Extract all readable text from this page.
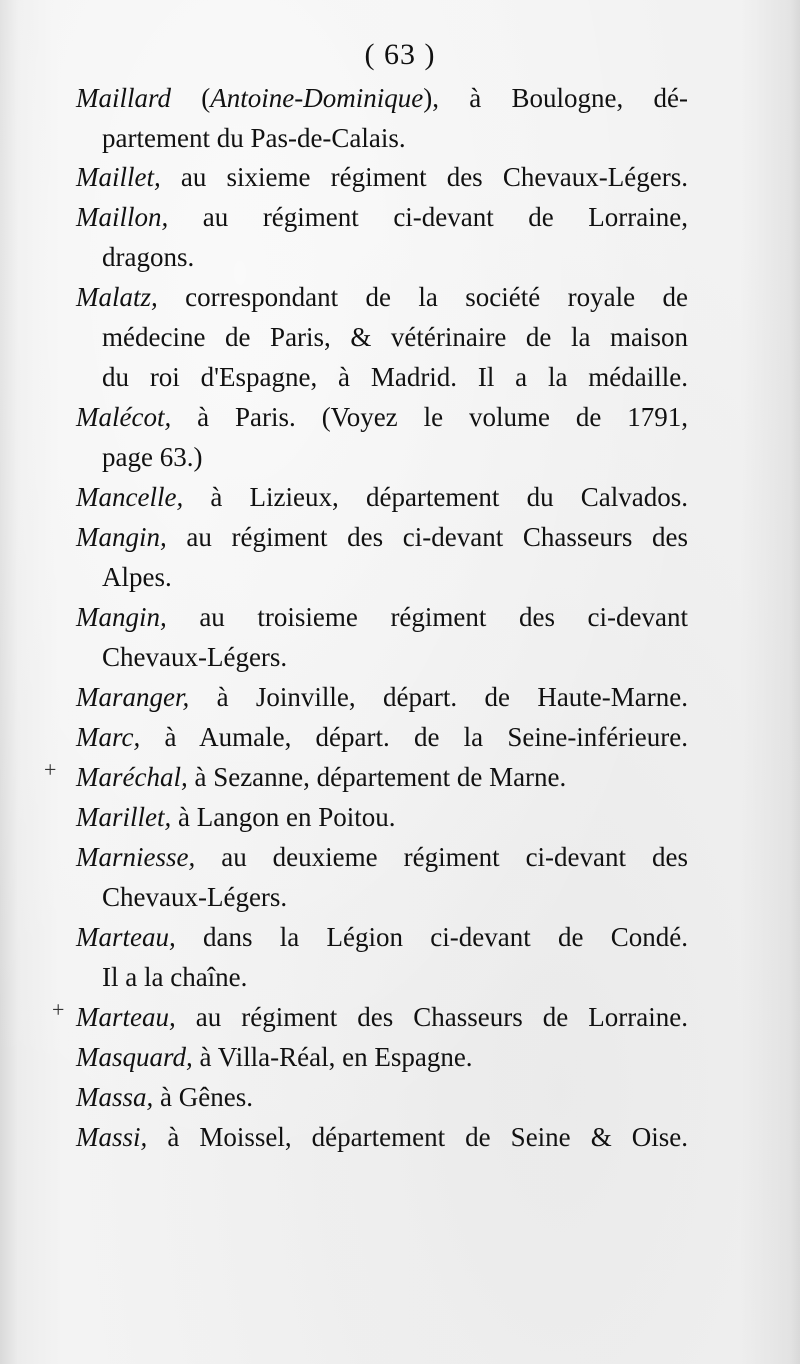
( 63 )
Maillard (Antoine-Dominique), à Boulogne, dé-
partement du Pas-de-Calais.
Maillet, au sixieme régiment des Chevaux-Légers.
Maillon, au régiment ci-devant de Lorraine,
dragons.
Malatz, correspondant de la société royale de
médecine de Paris, & vétérinaire de la maison
du roi d'Espagne, à Madrid. Il a la médaille.
Malécot, à Paris. (Voyez le volume de 1791,
page 63.)
Mancelle, à Lizieux, département du Calvados.
Mangin, au régiment des ci-devant Chasseurs des
Alpes.
Mangin, au troisieme régiment des ci-devant
Chevaux-Légers.
Maranger, à Joinville, départ. de Haute-Marne.
Marc, à Aumale, départ. de la Seine-inférieure.
Maréchal, à Sezanne, département de Marne.
Marillet, à Langon en Poitou.
Marniesse, au deuxieme régiment ci-devant des
Chevaux-Légers.
Marteau, dans la Légion ci-devant de Condé.
Il a la chaîne.
Marteau, au régiment des Chasseurs de Lorraine.
Masquard, à Villa-Réal, en Espagne.
Massa, à Gênes.
Massi, à Moissel, département de Seine & Oise.
+
+
